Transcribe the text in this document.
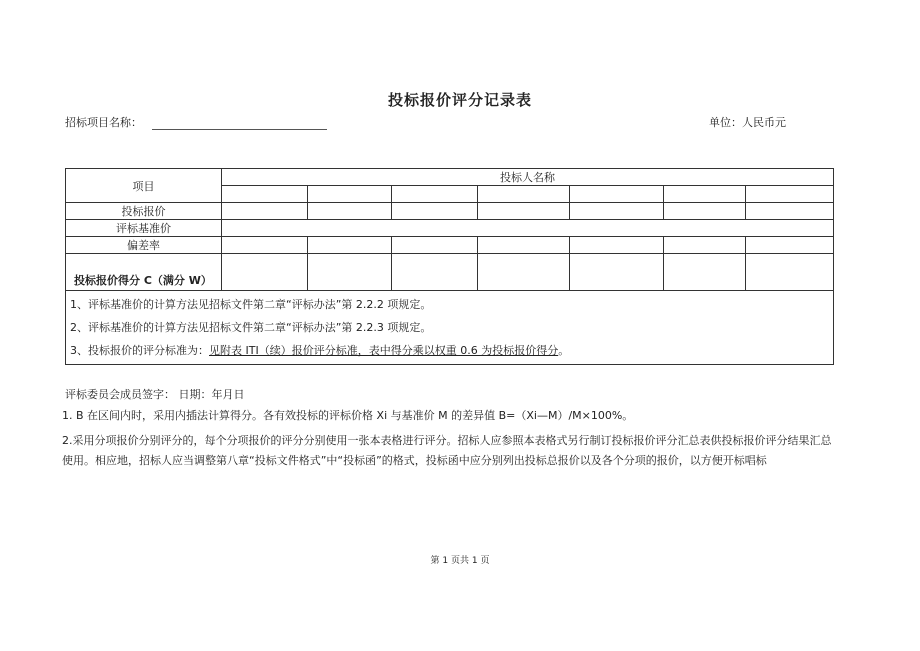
投标报价评分记录表
招标项目名称：	单位：人民币元
项目	投标人名称						

投标报价							
评标基准价							
偏差率							
投标报价得分 C（满分 W）							

1、评标基准价的计算方法见招标文件第二章“评标办法”第 2.2.2 项规定。
2、评标基准价的计算方法见招标文件第二章“评标办法”第 2.2.3 项规定。
3、投标报价的评分标准为：见附表 ITI（续）报价评分标准，表中得分乘以权重 0.6 为投标报价得分。							
评标委员会成员签字： 日期：年月日
1. B 在区间内时，采用内插法计算得分。各有效投标的评标价格 Xi 与基准价 M 的差异值 B=（Xi—M）/M×100%。
2.采用分项报价分别评分的，每个分项报价的评分分别使用一张本表格进行评分。招标人应参照本表格式另行制订投标报价评分汇总表供投标报价评分结果汇总使用。相应地，招标人应当调整第八章“投标文件格式”中“投标函”的格式，投标函中应分别列出投标总报价以及各个分项的报价，以方便开标唱标
第 1 页共 1 页
